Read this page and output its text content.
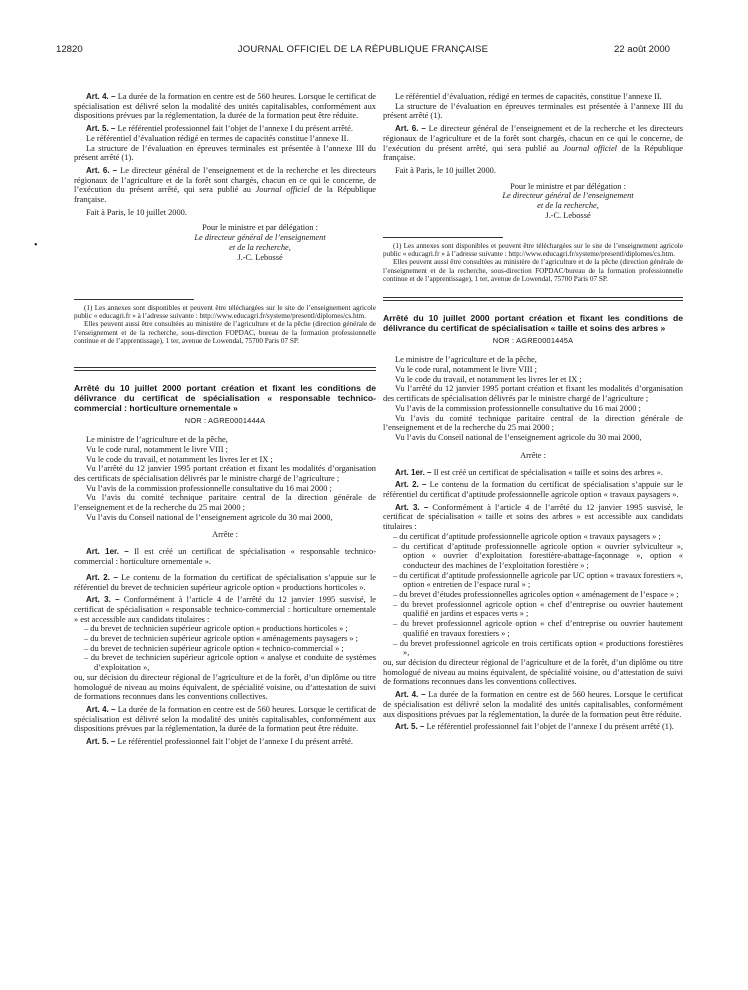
12820	JOURNAL OFFICIEL DE LA RÉPUBLIQUE FRANÇAISE	22 août 2000
•

Art. 4. – La durée de la formation en centre est de 560 heures. Lorsque le certificat de spécialisation est délivré selon la modalité des unités capitalisables, conformément aux dispositions prévues par la réglementation, la durée de la formation peut être réduite.

Art. 5. – Le référentiel professionnel fait l’objet de l’annexe I du présent arrêté.

Le référentiel d’évaluation rédigé en termes de capacités constitue l’annexe II.

La structure de l’évaluation en épreuves terminales est présentée à l’annexe III du présent arrêté (1).

Art. 6. – Le directeur général de l’enseignement et de la recherche et les directeurs régionaux de l’agriculture et de la forêt sont chargés, chacun en ce qui le concerne, de l’exécution du présent arrêté, qui sera publié au Journal officiel de la République française.

Fait à Paris, le 10 juillet 2000.

Pour le ministre et par délégation :
Le directeur général de l’enseignement
et de la recherche,
J.-C. Lebossé

(1) Les annexes sont disponibles et peuvent être téléchargées sur le site de l’enseignement agricole public « educagri.fr » à l’adresse suivante : http://www.educagri.fr/systeme/presentl/diplomes/cs.htm.

Elles peuvent aussi être consultées au ministère de l’agriculture et de la pêche (direction générale de l’enseignement et de la recherche, sous-direction FOPDAC, bureau de la formation professionnelle continue et de l’apprentissage), 1 ter, avenue de Lowendal, 75700 Paris 07 SP.

Arrêté du 10 juillet 2000 portant création et fixant les conditions de délivrance du certificat de spécialisation « responsable technico-commercial : horticulture ornementale »

NOR : AGRE0001444A

Le ministre de l’agriculture et de la pêche,

Vu le code rural, notamment le livre VIII ;

Vu le code du travail, et notamment les livres Ier et IX ;

Vu l’arrêté du 12 janvier 1995 portant création et fixant les modalités d’organisation des certificats de spécialisation délivrés par le ministre chargé de l’agriculture ;

Vu l’avis de la commission professionnelle consultative du 16 mai 2000 ;

Vu l’avis du comité technique paritaire central de la direction générale de l’enseignement et de la recherche du 25 mai 2000 ;

Vu l’avis du Conseil national de l’enseignement agricole du 30 mai 2000,

Arrête :

Art. 1er. – Il est créé un certificat de spécialisation « responsable technico-commercial : horticulture ornementale ».

Art. 2. – Le contenu de la formation du certificat de spécialisation s’appuie sur le référentiel du brevet de technicien supérieur agricole option « productions horticoles ».

Art. 3. – Conformément à l’article 4 de l’arrêté du 12 janvier 1995 susvisé, le certificat de spécialisation « responsable technico-commercial : horticulture ornementale » est accessible aux candidats titulaires :

– du brevet de technicien supérieur agricole option « productions horticoles » ;

– du brevet de technicien supérieur agricole option « aménagements paysagers » ;

– du brevet de technicien supérieur agricole option « technico-commercial » ;

– du brevet de technicien supérieur agricole option « analyse et conduite de systèmes d’exploitation »,

ou, sur décision du directeur régional de l’agriculture et de la forêt, d’un diplôme ou titre homologué de niveau au moins équivalent, de spécialité voisine, ou d’attestation de suivi de formations reconnues dans les conventions collectives.

Art. 4. – La durée de la formation en centre est de 560 heures. Lorsque le certificat de spécialisation est délivré selon la modalité des unités capitalisables, conformément aux dispositions prévues par la réglementation, la durée de la formation peut être réduite.

Art. 5. – Le référentiel professionnel fait l’objet de l’annexe I du présent arrêté.

Le référentiel d’évaluation, rédigé en termes de capacités, constitue l’annexe II.

La structure de l’évaluation en épreuves terminales est présentée à l’annexe III du présent arrêté (1).

Art. 6. – Le directeur général de l’enseignement et de la recherche et les directeurs régionaux de l’agriculture et de la forêt sont chargés, chacun en ce qui le concerne, de l’exécution du présent arrêté, qui sera publié au Journal officiel de la République française.

Fait à Paris, le 10 juillet 2000.

Pour le ministre et par délégation :
Le directeur général de l’enseignement
et de la recherche,
J.-C. Lebossé

(1) Les annexes sont disponibles et peuvent être téléchargées sur le site de l’enseignement agricole public « educagri.fr » à l’adresse suivante : http://www.educagri.fr/systeme/presentl/diplomes/cs.htm.

Elles peuvent aussi être consultées au ministère de l’agriculture et de la pêche (direction générale de l’enseignement et de la recherche, sous-direction FOPDAC/bureau de la formation professionnelle continue et de l’apprentissage), 1 ter, avenue de Lowendal, 75700 Paris 07 SP.

Arrêté du 10 juillet 2000 portant création et fixant les conditions de délivrance du certificat de spécialisation « taille et soins des arbres »

NOR : AGRE0001445A

Le ministre de l’agriculture et de la pêche,

Vu le code rural, notamment le livre VIII ;

Vu le code du travail, et notamment les livres Ier et IX ;

Vu l’arrêté du 12 janvier 1995 portant création et fixant les modalités d’organisation des certificats de spécialisation délivrés par le ministre chargé de l’agriculture ;

Vu l’avis de la commission professionnelle consultative du 16 mai 2000 ;

Vu l’avis du comité technique paritaire central de la direction générale de l’enseignement et de la recherche du 25 mai 2000 ;

Vu l’avis du Conseil national de l’enseignement agricole du 30 mai 2000,

Arrête :

Art. 1er. – Il est créé un certificat de spécialisation « taille et soins des arbres ».

Art. 2. – Le contenu de la formation du certificat de spécialisation s’appuie sur le référentiel du certificat d’aptitude professionnelle agricole option « travaux paysagers ».

Art. 3. – Conformément à l’article 4 de l’arrêté du 12 janvier 1995 susvisé, le certificat de spécialisation « taille et soins des arbres » est accessible aux candidats titulaires :

– du certificat d’aptitude professionnelle agricole option « travaux paysagers » ;

– du certificat d’aptitude professionnelle agricole option « ouvrier sylviculteur », option « ouvrier d’exploitation forestière-abattage-façonnage », option « conducteur des machines de l’exploitation forestière » ;

– du certificat d’aptitude professionnelle agricole par UC option « travaux forestiers », option « entretien de l’espace rural » ;

– du brevet d’études professionnelles agricoles option « aménagement de l’espace » ;

– du brevet professionnel agricole option « chef d’entreprise ou ouvrier hautement qualifié en jardins et espaces verts » ;

– du brevet professionnel agricole option « chef d’entreprise ou ouvrier hautement qualifié en travaux forestiers » ;

– du brevet professionnel agricole en trois certificats option « productions forestières »,

ou, sur décision du directeur régional de l’agriculture et de la forêt, d’un diplôme ou titre homologué de niveau au moins équivalent, de spécialité voisine, ou d’attestation de suivi de formations reconnues dans les conventions collectives.

Art. 4. – La durée de la formation en centre est de 560 heures. Lorsque le certificat de spécialisation est délivré selon la modalité des unités capitalisables, conformément aux dispositions prévues par la réglementation, la durée de la formation peut être réduite.

Art. 5. – Le référentiel professionnel fait l’objet de l’annexe I du présent arrêté (1).
